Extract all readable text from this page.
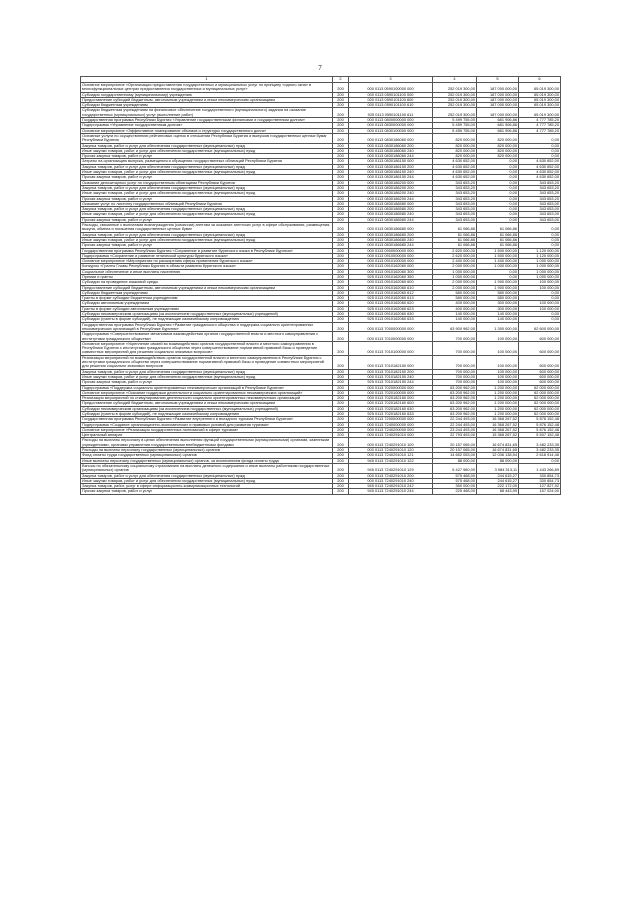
7
1	2	3	4	5	6
Основное мероприятие «Организация предоставления государственных и муниципальных услуг по принципу «одного окна» в многофункциональных центрах предоставления государственных и муниципальных услуг»	200	000 0113 0590100000 000	252 019 300,00	187 000 000,00	65 019 300,00
Субсидия государственному (муниципальному) учреждению	200	000 0113 0590101100 000	252 019 300,00	187 000 000,00	65 019 300,00
Предоставление субсидий бюджетным, автономным учреждениям и иным некоммерческим организациям	200	000 0113 0590101100 600	252 019 300,00	187 000 000,00	65 019 300,00
Субсидии бюджетным учреждениям	200	000 0113 0590101100 610	252 019 300,00	187 000 000,00	65 019 300,00
Субсидии бюджетным учреждениям на финансовое обеспечение государственного (муниципального) задания на оказание государственных (муниципальных) услуг (выполнение работ)	200	925 0113 0590101100 611	252 019 300,00	187 000 000,00	65 019 300,00
Государственная программа Республики Бурятия «Управление государственными финансами и государственным долгом»	200	000 0113 0800000000 000	5 499 755,00	681 906,86	4 777 785,20
Подпрограмма «Управление государственным долгом»	200	000 0113 0830000000 000	5 459 755,00	681 906,86	4 777 785,20
Основное мероприятие «Эффективное планирование объемов и структуры государственного долга»	200	000 0113 0830100000 000	5 459 755,00	681 906,86	4 777 785,20
Основные услуги по осуществлению рейтинговых оценок в отношении Республики Бурятия и выпусков государственных ценных бумаг Республики Бурятия	200	000 0113 0830186060 000	820 000,00	820 000,00	0,00
Закупка товаров, работ и услуг для обеспечения государственных (муниципальных) нужд	200	000 0113 0830186060 200	820 000,00	820 000,00	0,00
Иные закупки товаров, работ и услуг для обеспечения государственных (муниципальных) нужд	200	000 0113 0830186060 240	820 000,00	820 000,00	0,00
Прочая закупка товаров, работ и услуг	200	000 0113 0830186060 244	820 000,00	820 000,00	0,00
Затраты на организацию выпуска, размещения и обращения государственных облигаций Республики Бурятия	200	000 0113 0830186150 000	4 630 652,00	0,00	4 630 652,00
Закупка товаров, работ и услуг для обеспечения государственных (муниципальных) нужд	200	000 0113 0830186150 200	4 630 652,00	0,00	4 630 652,00
Иные закупки товаров, работ и услуг для обеспечения государственных (муниципальных) нужд	200	000 0113 0830186150 240	4 630 652,00	0,00	4 630 652,00
Прочая закупка товаров, работ и услуг	200	000 0113 0830186150 244	4 630 652,00	0,00	4 630 652,00
Оказание депозитарных услуг по государственным облигациям Республики Бурятия	200	000 0113 0830186200 000	343 653,20	0,00	343 653,20
Закупка товаров, работ и услуг для обеспечения государственных (муниципальных) нужд	200	000 0113 0830186200 200	343 653,20	0,00	343 653,20
Иные закупки товаров, работ и услуг для обеспечения государственных (муниципальных) нужд	200	000 0113 0830186200 240	343 653,20	0,00	343 653,20
Прочая закупка товаров, работ и услуг	200	000 0113 0830186200 244	343 653,20	0,00	343 653,20
Оказание услуг по листингу государственных облигаций Республики Бурятия	200	000 0113 0830186580 000	343 653,00	0,00	343 653,00
Закупка товаров, работ и услуг для обеспечения государственных (муниципальных) нужд	200	000 0113 0830186580 200	343 653,00	0,00	343 653,00
Иные закупки товаров, работ и услуг для обеспечения государственных (муниципальных) нужд	200	000 0113 0830186580 240	343 653,00	0,00	343 653,00
Прочая закупка товаров, работ и услуг	200	000 0113 0830186580 244	343 653,00	0,00	343 653,00
Расходы, связанные с выплатами вознаграждения (комиссии) агентам за оказание агентских услуг в сфере обслуживания, размещения, выкупа, обмена и погашения государственных ценных бумаг	200	000 0113 0830186680 000	61 066,86	61 066,86	0,00
Закупка товаров, работ и услуг для обеспечения государственных (муниципальных) нужд	200	000 0113 0830186680 200	61 066,86	61 066,86	0,00
Иные закупки товаров, работ и услуг для обеспечения государственных (муниципальных) нужд	200	000 0113 0830186680 240	61 066,86	61 066,86	0,00
Прочая закупка товаров, работ и услуг	200	000 0113 0830186680 244	61 066,86	61 066,86	0,00
Государственная программа Республики Бурятия «Сохранение и развитие бурятского языка в Республике Бурятия»	200	000 0113 0900000000 000	2 620 000,00	1 500 000,00	1 120 000,00
Подпрограмма «Сохранение и развитие этнической культуры бурятского языка»	200	000 0113 0910000000 000	2 620 000,00	1 500 000,00	1 120 000,00
Основное мероприятие «Мероприятия по расширению сферы применения бурятского языка»	200	000 0113 0910100000 000	2 400 000,00	1 400 000,00	1 000 000,00
Конкурсы «Гранты Главы Республики Бурятия в области развития бурятского языка»	200	000 0113 0910162060 000	2 000 000,00	1 000 000,00	1 000 000,00
Социальное обеспечение и иные выплаты населению	200	000 0113 0910162060 300	1 000 000,00	0,00	1 000 000,00
Премии и гранты	200	925 0113 0910162060 350	1 000 000,00	0,00	1 000 000,00
Субсидии на проведение языковой среды	200	000 0113 0910162060 600	2 000 000,00	1 900 000,00	100 000,00
Предоставление субсидий бюджетным, автономным учреждениям и иным некоммерческим организациям	200	000 0113 0910162060 610	2 000 000,00	1 900 000,00	100 000,00
Субсидии бюджетным учреждениям	200	000 0113 0910162060 612	580 000,00	580 000,00	0,00
Гранты в форме субсидии бюджетным учреждениям	200	925 0113 0910162060 613	580 000,00	580 000,00	0,00
Субсидии автономным учреждениям	200	000 0113 0910162060 620	400 000,00	300 000,00	100 000,00
Гранты в форме субсидии автономным учреждениям	200	925 0113 0910162060 623	400 000,00	300 000,00	100 000,00
Субсидии некоммерческим организациям (за исключением государственных (муниципальных) учреждений)	200	000 0113 0910162060 630	140 000,00	140 000,00	0,00
Субсидии (гранты в форме субсидий), не подлежащие казначейскому сопровождению	200	925 0113 0910162060 633	140 000,00	140 000,00	0,00
Государственная программа Республики Бурятия «Развитие гражданского общества и поддержка социально ориентированных некоммерческих организаций в Республике Бурятия»	200	000 0113 7000000000 000	63 900 962,00	1 300 000,00	62 600 000,00
Подпрограмма «Совершенствование механизмов взаимодействия органов государственной власти и местного самоуправления с институтами гражданского общества»	200	000 0113 7010000000 000	700 000,00	100 000,00	600 000,00
Основное мероприятие «Укрепление связей во взаимодействии органов государственной власти и местного самоуправления в Республике Бурятия с институтами гражданского общества через совершенствование нормативной правовой базы и проведение совместных мероприятий для решения социально значимых вопросов»	200	000 0113 7010100000 000	700 000,00	100 000,00	600 000,00
Реализация мероприятий по взаимодействию органов государственной власти и местного самоуправления в Республике Бурятия с институтами гражданского общества через совершенствование нормативной правовой базы и проведение совместных мероприятий для решения социально значимых вопросов	200	000 0113 7010182150 000	700 000,00	100 000,00	600 000,00
Закупка товаров, работ и услуг для обеспечения государственных (муниципальных) нужд	200	000 0113 7010182150 200	700 000,00	100 000,00	600 000,00
Иные закупки товаров, работ и услуг для обеспечения государственных (муниципальных) нужд	200	000 0113 7010182150 240	700 000,00	100 000,00	600 000,00
Прочая закупка товаров, работ и услуг	200	925 0113 7010182150 244	700 000,00	100 000,00	600 000,00
Подпрограмма «Поддержка социально ориентированных некоммерческих организаций в Республике Бурятия»	200	000 0113 7020000000 000	63 200 962,00	1 200 000,00	62 000 000,00
Основное мероприятие «Оказание поддержки деятельности социально ориентированных некоммерческих организаций»	200	000 0113 7020100000 000	63 200 962,00	1 200 000,00	62 000 000,00
Реализация мероприятий по стимулированию деятельности социально ориентированных некоммерческих организаций	200	000 0113 7020182160 000	63 200 962,00	1 200 000,00	62 000 000,00
Предоставление субсидий бюджетным, автономным учреждениям и иным некоммерческим организациям	200	000 0113 7020182160 600	63 200 962,00	1 200 000,00	62 000 000,00
Субсидии некоммерческим организациям (за исключением государственных (муниципальных) учреждений)	200	000 0113 7020182160 630	63 200 962,00	1 200 000,00	62 000 000,00
Субсидии (гранты в форме субсидий), не подлежащие казначейскому сопровождению	200	925 0113 7020182160 633	63 200 962,00	1 200 000,00	62 000 000,00
Государственная программа Республики Бурятия «Развитие внутреннего и въездного туризма Республики Бурятия»	200	000 0113 7200000000 000	22 244 493,00	16 368 267,52	5 876 152,48
Подпрограмма «Создание организационно-экономических и правовых условий для развития туризма»	200	000 0113 7240000000 000	22 244 493,00	16 368 267,52	5 876 152,48
Основное мероприятие «Реализация государственных полномочий в сфере туризма»	200	000 0113 7240200000 000	23 244 493,00	16 368 267,52	5 876 152,48
Центральный аппарат	200	000 0113 7240291010 000	22 793 493,00	15 368 267,52	5 507 152,48
Расходы на выплаты персоналу в целях обеспечения выполнения функций государственными (муниципальными) органами, казенными учреждениями, органами управления государственными внебюджетными фондами	200	000 0113 7240291010 100	20 157 065,00	16 674 831,65	3 482 233,35
Расходы на выплаты персоналу государственных (муниципальных) органов	200	000 0113 7240291010 120	20 157 065,00	16 674 831,65	3 482 233,35
Фонд оплаты труда государственных (муниципальных) органов	200	000 0113 7240291010 121	14 652 053,00	12 036 138,54	2 616 914,46
Иные выплаты персоналу государственных (муниципальных) органов, за исключением фонда оплаты труда	200	945 0113 7240291010 122	88 000,00	88 000,00	0,00
Взносы по обязательному социальному страхованию на выплаты денежного содержания и иные выплаты работникам государственных (муниципальных) органов	200	945 0113 7240291010 129	5 427 960,00	3 984 313,11	1 443 266,89
Закупка товаров, работ и услуг для обеспечения государственных (муниципальных) нужд	200	000 0113 7240291010 200	575 468,00	244 615,27	330 854,73
Иные закупки товаров, работ и услуг для обеспечения государственных (муниципальных) нужд	200	000 0113 7240291010 240	575 468,00	244 615,27	330 854,73
Закупка товаров, работ, услуг в сфере информационно-коммуникационных технологий	200	945 0113 7240291010 242	350 000,00	222 172,00	127 827,92
Прочая закупка товаров, работ и услуг	200	945 0113 7240291010 244	225 468,00	68 443,99	157 024,00
